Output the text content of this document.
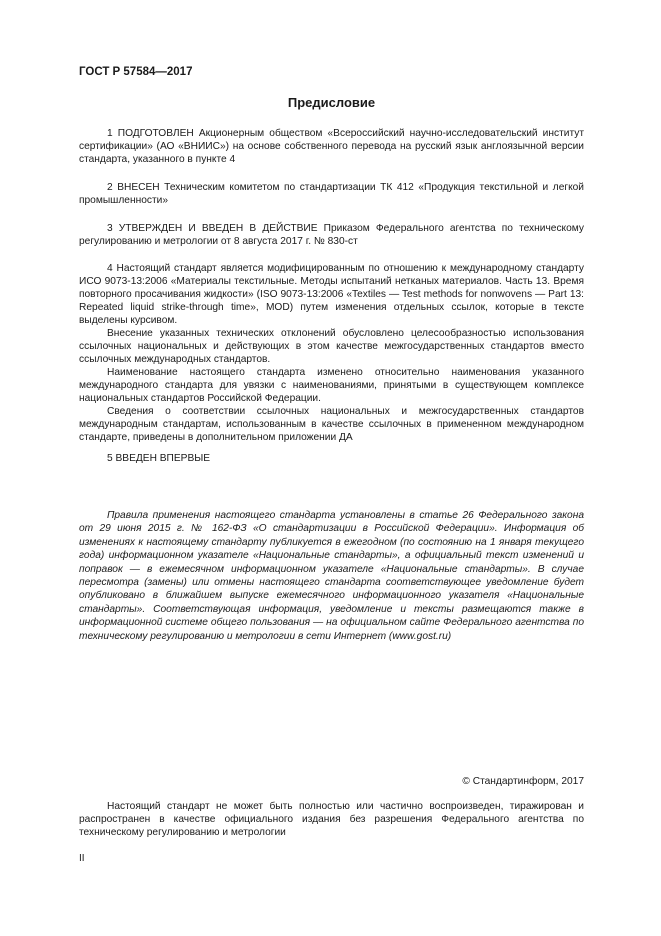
ГОСТ Р 57584—2017
Предисловие

1 ПОДГОТОВЛЕН Акционерным обществом «Всероссийский научно-исследовательский институт сертификации» (АО «ВНИИС») на основе собственного перевода на русский язык англоязычной версии стандарта, указанного в пункте 4

2 ВНЕСЕН Техническим комитетом по стандартизации ТК 412 «Продукция текстильной и легкой промышленности»

3 УТВЕРЖДЕН И ВВЕДЕН В ДЕЙСТВИЕ Приказом Федерального агентства по техническому регулированию и метрологии от 8 августа 2017 г. № 830-ст

4 Настоящий стандарт является модифицированным по отношению к международному стандарту ИСО 9073-13:2006 «Материалы текстильные. Методы испытаний нетканых материалов. Часть 13. Время повторного просачивания жидкости» (ISO 9073-13:2006 «Textiles — Test methods for nonwovens — Part 13: Repeated liquid strike-through time», MOD) путем изменения отдельных ссылок, которые в тексте выделены курсивом.

Внесение указанных технических отклонений обусловлено целесообразностью использования ссылочных национальных и действующих в этом качестве межгосударственных стандартов вместо ссылочных международных стандартов.

Наименование настоящего стандарта изменено относительно наименования указанного международного стандарта для увязки с наименованиями, принятыми в существующем комплексе национальных стандартов Российской Федерации.

Сведения о соответствии ссылочных национальных и межгосударственных стандартов международным стандартам, использованным в качестве ссылочных в примененном международном стандарте, приведены в дополнительном приложении ДА

5 ВВЕДЕН ВПЕРВЫЕ

Правила применения настоящего стандарта установлены в статье 26 Федерального закона от 29 июня 2015 г. № 162-ФЗ «О стандартизации в Российской Федерации». Информация об изменениях к настоящему стандарту публикуется в ежегодном (по состоянию на 1 января текущего года) информационном указателе «Национальные стандарты», а официальный текст изменений и поправок — в ежемесячном информационном указателе «Национальные стандарты». В случае пересмотра (замены) или отмены настоящего стандарта соответствующее уведомление будет опубликовано в ближайшем выпуске ежемесячного информационного указателя «Национальные стандарты». Соответствующая информация, уведомление и тексты размещаются также в информационной системе общего пользования — на официальном сайте Федерального агентства по техническому регулированию и метрологии в сети Интернет (www.gost.ru)

© Стандартинформ, 2017

Настоящий стандарт не может быть полностью или частично воспроизведен, тиражирован и распространен в качестве официального издания без разрешения Федерального агентства по техническому регулированию и метрологии

II
